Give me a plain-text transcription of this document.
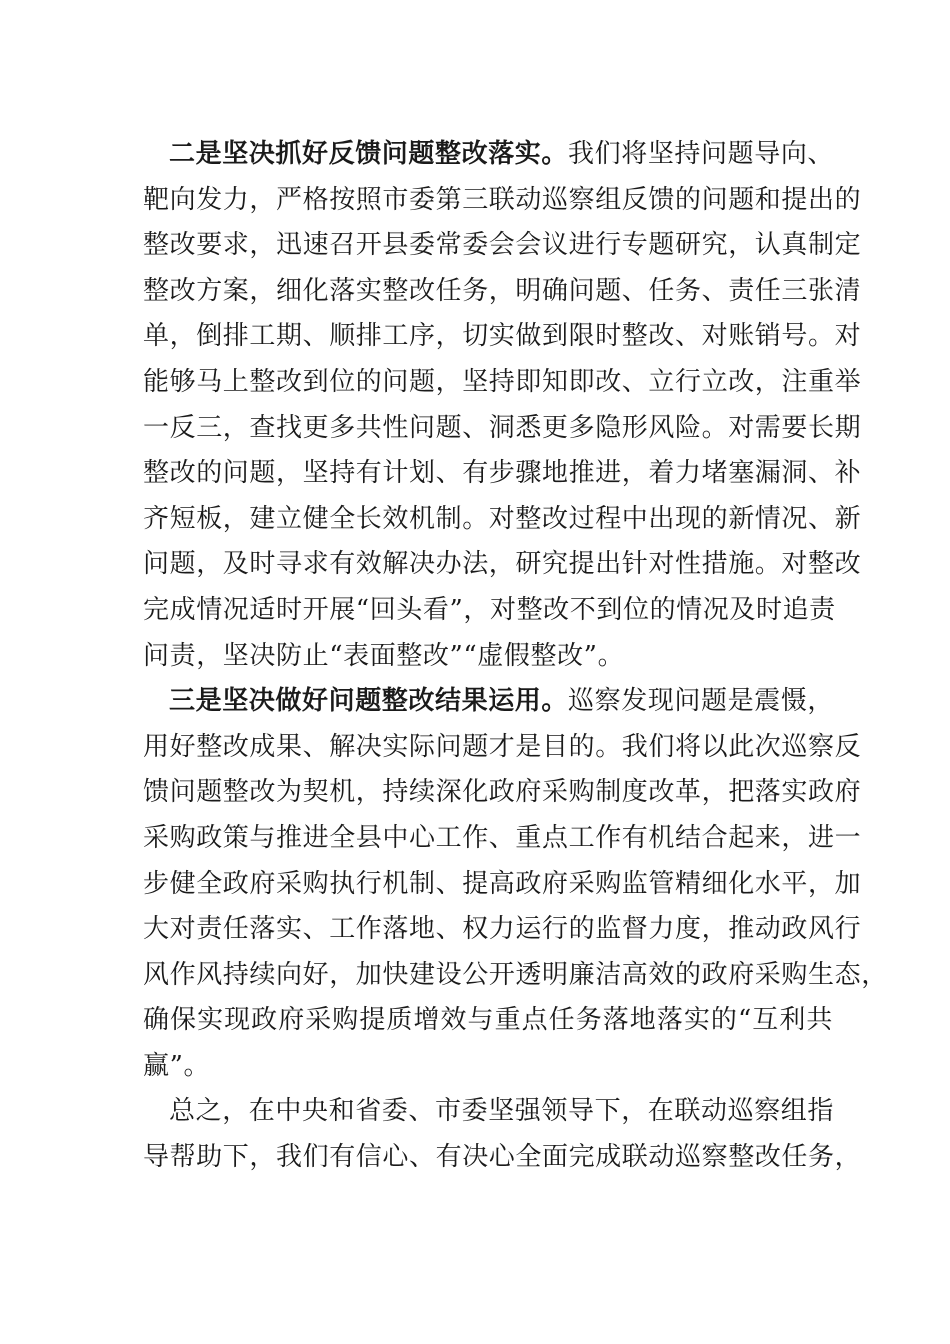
二是坚决抓好反馈问题整改落实。我们将坚持问题导向、
靶向发力，严格按照市委第三联动巡察组反馈的问题和提出的
整改要求，迅速召开县委常委会会议进行专题研究，认真制定
整改方案，细化落实整改任务，明确问题、任务、责任三张清
单，倒排工期、顺排工序，切实做到限时整改、对账销号。对
能够马上整改到位的问题，坚持即知即改、立行立改，注重举
一反三，查找更多共性问题、洞悉更多隐形风险。对需要长期
整改的问题，坚持有计划、有步骤地推进，着力堵塞漏洞、补
齐短板，建立健全长效机制。对整改过程中出现的新情况、新
问题，及时寻求有效解决办法，研究提出针对性措施。对整改
完成情况适时开展“回头看”，对整改不到位的情况及时追责
问责，坚决防止“表面整改”“虚假整改”。
三是坚决做好问题整改结果运用。巡察发现问题是震慑，
用好整改成果、解决实际问题才是目的。我们将以此次巡察反
馈问题整改为契机，持续深化政府采购制度改革，把落实政府
采购政策与推进全县中心工作、重点工作有机结合起来，进一
步健全政府采购执行机制、提高政府采购监管精细化水平，加
大对责任落实、工作落地、权力运行的监督力度，推动政风行
风作风持续向好，加快建设公开透明廉洁高效的政府采购生态，
确保实现政府采购提质增效与重点任务落地落实的“互利共
赢”。
总之，在中央和省委、市委坚强领导下，在联动巡察组指
导帮助下，我们有信心、有决心全面完成联动巡察整改任务，
